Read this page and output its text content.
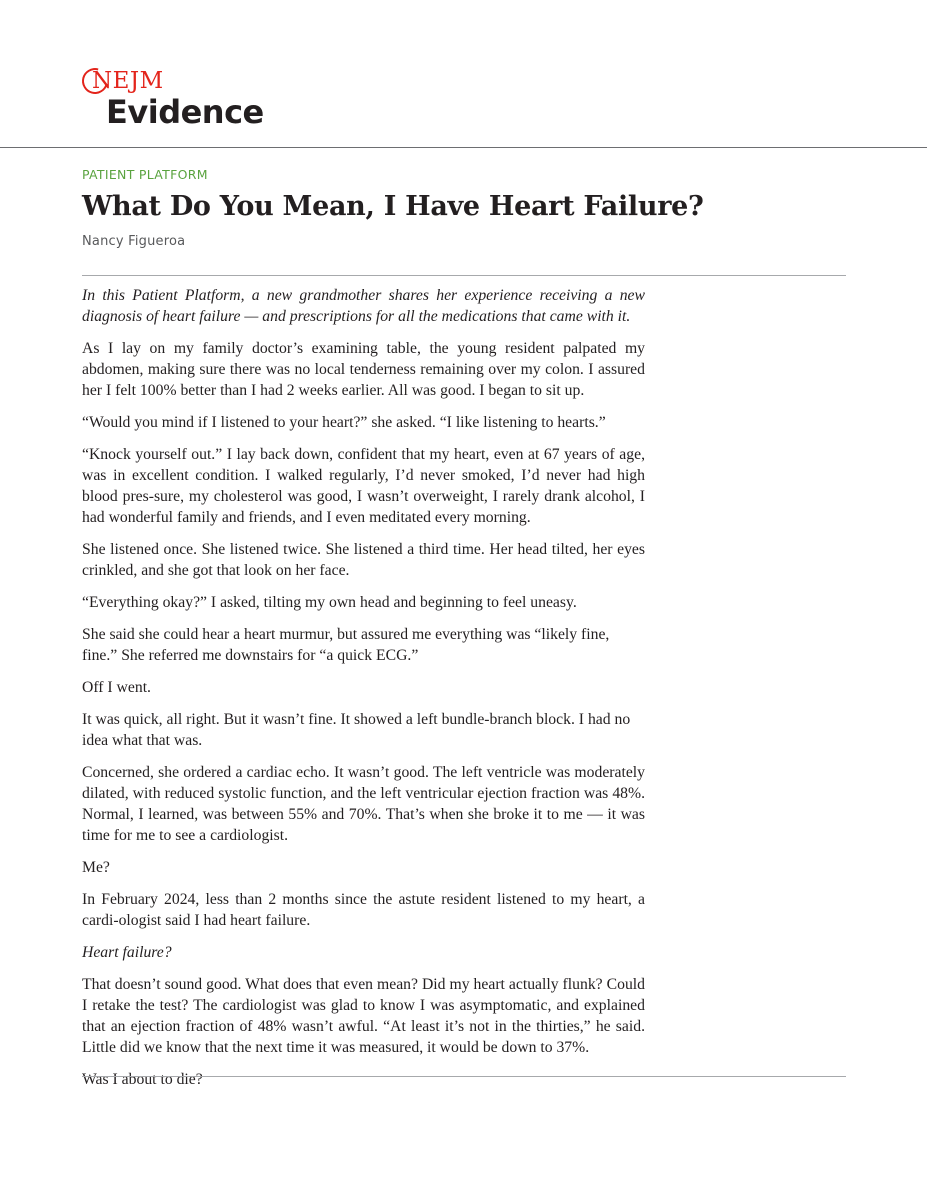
NEJM
Evidence
PATIENT PLATFORM
What Do You Mean, I Have Heart Failure?
Nancy Figueroa

In this Patient Platform, a new grandmother shares her experience receiving a new diagnosis of heart failure — and prescriptions for all the medications that came with it.

As I lay on my family doctor’s examining table, the young resident palpated my abdomen, making sure there was no local tenderness remaining over my colon. I assured her I felt 100% better than I had 2 weeks earlier. All was good. I began to sit up.

“Would you mind if I listened to your heart?” she asked. “I like listening to hearts.”

“Knock yourself out.” I lay back down, confident that my heart, even at 67 years of age, was in excellent condition. I walked regularly, I’d never smoked, I’d never had high blood pres-sure, my cholesterol was good, I wasn’t overweight, I rarely drank alcohol, I had wonderful family and friends, and I even meditated every morning.

She listened once. She listened twice. She listened a third time. Her head tilted, her eyes crinkled, and she got that look on her face.

“Everything okay?” I asked, tilting my own head and beginning to feel uneasy.

She said she could hear a heart murmur, but assured me everything was “likely fine, fine.” She referred me downstairs for “a quick ECG.”

Off I went.

It was quick, all right. But it wasn’t fine. It showed a left bundle-branch block. I had no idea what that was.

Concerned, she ordered a cardiac echo. It wasn’t good. The left ventricle was moderately dilated, with reduced systolic function, and the left ventricular ejection fraction was 48%. Normal, I learned, was between 55% and 70%. That’s when she broke it to me — it was time for me to see a cardiologist.

Me?

In February 2024, less than 2 months since the astute resident listened to my heart, a cardi-ologist said I had heart failure.

Heart failure?

That doesn’t sound good. What does that even mean? Did my heart actually flunk? Could I retake the test? The cardiologist was glad to know I was asymptomatic, and explained that an ejection fraction of 48% wasn’t awful. “At least it’s not in the thirties,” he said. Little did we know that the next time it was measured, it would be down to 37%.

Was I about to die?
